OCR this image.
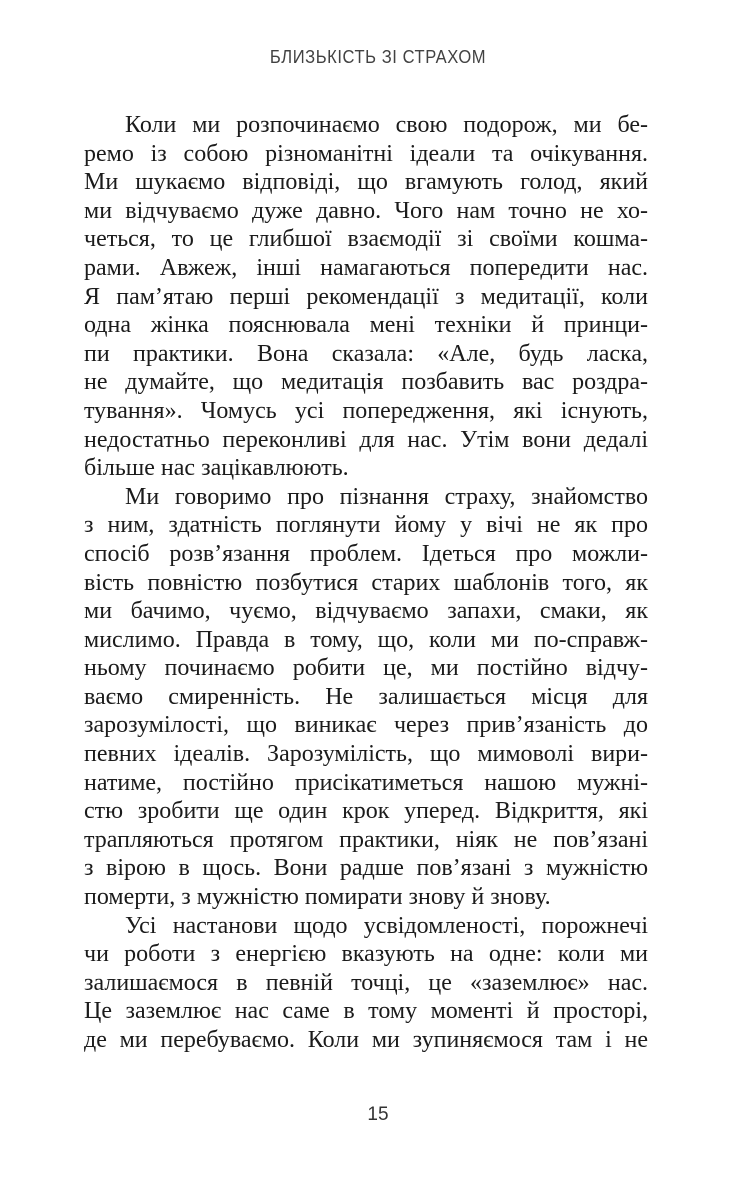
БЛИЗЬКІСТЬ ЗІ СТРАХОМ
Коли ми розпочинаємо свою подорож, ми бе-
ремо із собою різноманітні ідеали та очікування.
Ми шукаємо відповіді, що вгамують голод, який
ми відчуваємо дуже давно. Чого нам точно не хо-
четься, то це глибшої взаємодії зі своїми кошма-
рами. Авжеж, інші намагаються попередити нас.
Я пам’ятаю перші рекомендації з медитації, коли
одна жінка пояснювала мені техніки й принци-
пи практики. Вона сказала: «Але, будь ласка,
не думайте, що медитація позбавить вас роздра-
тування». Чомусь усі попередження, які існують,
недостатньо переконливі для нас. Утім вони дедалі
більше нас зацікавлюють.
Ми говоримо про пізнання страху, знайомство
з ним, здатність поглянути йому у вічі не як про
спосіб розв’язання проблем. Ідеться про можли-
вість повністю позбутися старих шаблонів того, як
ми бачимо, чуємо, відчуваємо запахи, смаки, як
мислимо. Правда в тому, що, коли ми по-справж-
ньому починаємо робити це, ми постійно відчу-
ваємо смиренність. Не залишається місця для
зарозумілості, що виникає через прив’язаність до
певних ідеалів. Зарозумілість, що мимоволі вири-
натиме, постійно присікатиметься нашою мужні-
стю зробити ще один крок уперед. Відкриття, які
трапляються протягом практики, ніяк не пов’язані
з вірою в щось. Вони радше пов’язані з мужністю
померти, з мужністю помирати знову й знову.
Усі настанови щодо усвідомленості, порожнечі
чи роботи з енергією вказують на одне: коли ми
залишаємося в певній точці, це «заземлює» нас.
Це заземлює нас саме в тому моменті й просторі,
де ми перебуваємо. Коли ми зупиняємося там і не
15
